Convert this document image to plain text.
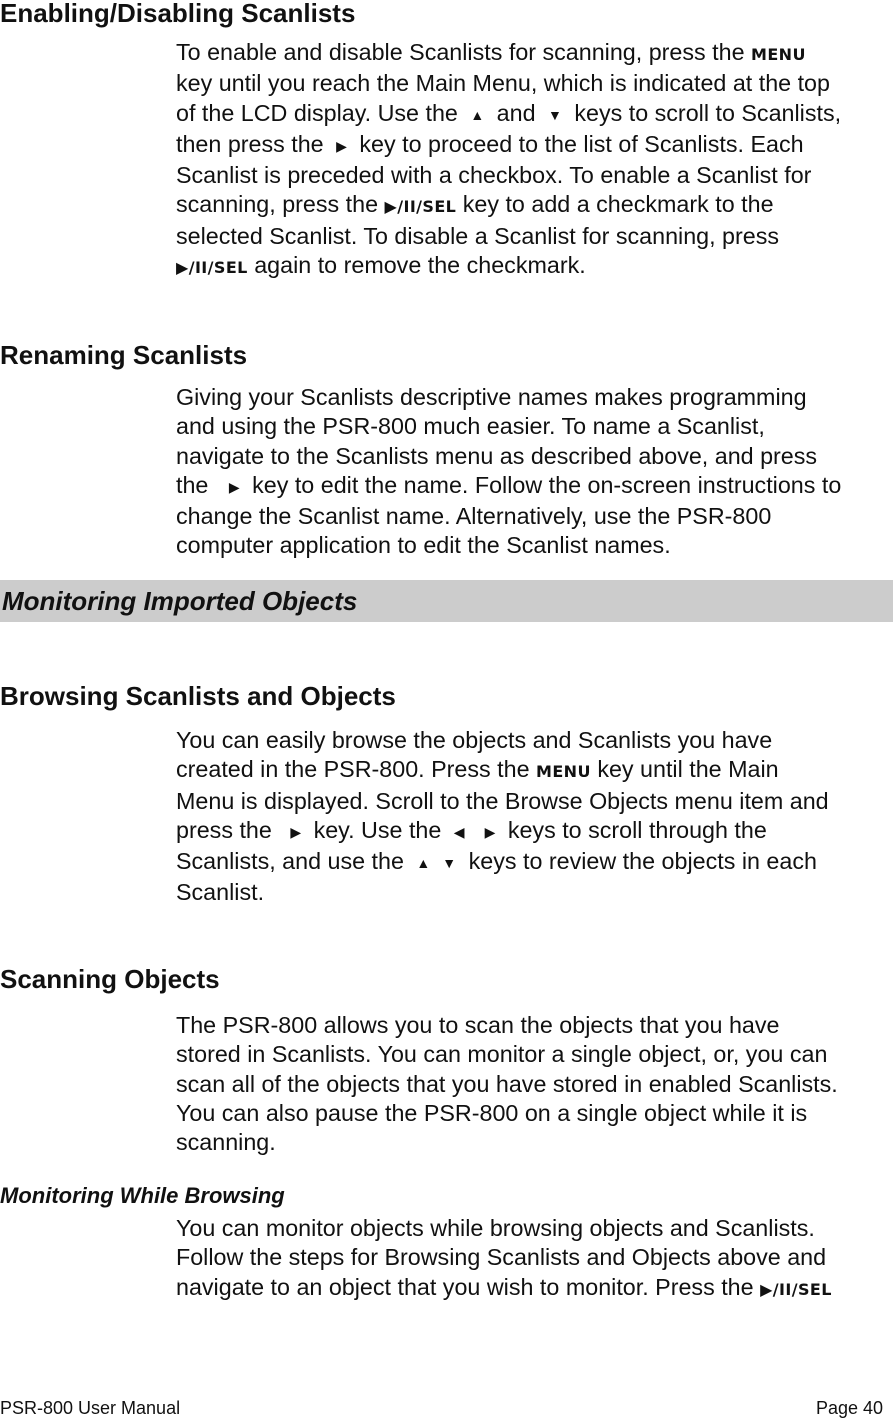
Enabling/Disabling Scanlists
To enable and disable Scanlists for scanning, press the MENU
key until you reach the Main Menu, which is indicated at the top
of the LCD display. Use the ▲ and ▼ keys to scroll to Scanlists,
then press the ▶ key to proceed to the list of Scanlists. Each
Scanlist is preceded with a checkbox. To enable a Scanlist for
scanning, press the ▶/II/SEL key to add a checkmark to the
selected Scanlist. To disable a Scanlist for scanning, press
▶/II/SEL again to remove the checkmark.
Renaming Scanlists
Giving your Scanlists descriptive names makes programming
and using the PSR-800 much easier. To name a Scanlist,
navigate to the Scanlists menu as described above, and press
the ▶ key to edit the name. Follow the on-screen instructions to
change the Scanlist name. Alternatively, use the PSR-800
computer application to edit the Scanlist names.
Monitoring Imported Objects
Browsing Scanlists and Objects
You can easily browse the objects and Scanlists you have
created in the PSR-800. Press the MENU key until the Main
Menu is displayed. Scroll to the Browse Objects menu item and
press the ▶ key. Use the ◀ ▶ keys to scroll through the
Scanlists, and use the ▲ ▼ keys to review the objects in each
Scanlist.
Scanning Objects
The PSR-800 allows you to scan the objects that you have
stored in Scanlists. You can monitor a single object, or, you can
scan all of the objects that you have stored in enabled Scanlists.
You can also pause the PSR-800 on a single object while it is
scanning.
Monitoring While Browsing
You can monitor objects while browsing objects and Scanlists.
Follow the steps for Browsing Scanlists and Objects above and
navigate to an object that you wish to monitor. Press the ▶/II/SEL
PSR-800 User Manual	Page 40
